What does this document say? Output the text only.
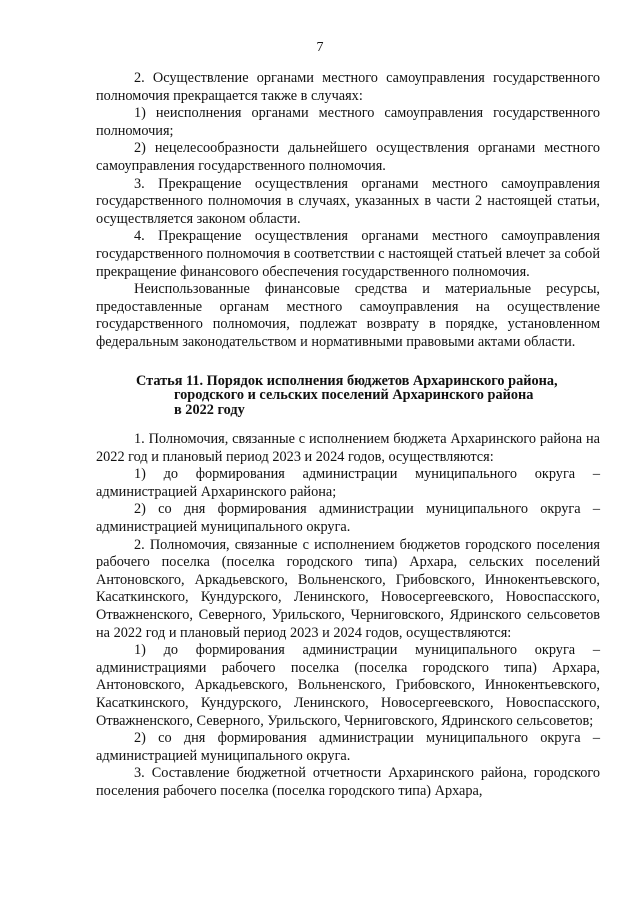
7

2. Осуществление органами местного самоуправления государственного полномочия прекращается также в случаях:

1) неисполнения органами местного самоуправления государственного полномочия;

2) нецелесообразности дальнейшего осуществления органами местного самоуправления государственного полномочия.

3. Прекращение осуществления органами местного самоуправления государственного полномочия в случаях, указанных в части 2 настоящей статьи, осуществляется законом области.

4. Прекращение осуществления органами местного самоуправления государственного полномочия в соответствии с настоящей статьей влечет за собой прекращение финансового обеспечения государственного полномочия.

Неиспользованные финансовые средства и материальные ресурсы, предоставленные органам местного самоуправления на осуществление государственного полномочия, подлежат возврату в порядке, установленном федеральным законодательством и нормативными правовыми актами области.

Статья 11. Порядок исполнения бюджетов Архаринского района,
городского и сельских поселений Архаринского района
в 2022 году

1. Полномочия, связанные с исполнением бюджета Архаринского района на 2022 год и плановый период 2023 и 2024 годов, осуществляются:

1) до формирования администрации муниципального округа – администрацией Архаринского района;

2) со дня формирования администрации муниципального округа – администрацией муниципального округа.

2. Полномочия, связанные с исполнением бюджетов городского поселения рабочего поселка (поселка городского типа) Архара, сельских поселений Антоновского, Аркадьевского, Вольненского, Грибовского, Иннокентьевского, Касаткинского, Кундурского, Ленинского, Новосергеевского, Новоспасского, Отважненского, Северного, Урильского, Черниговского, Ядринского сельсоветов на 2022 год и плановый период 2023 и 2024 годов, осуществляются:

1) до формирования администрации муниципального округа – администрациями рабочего поселка (поселка городского типа) Архара, Антоновского, Аркадьевского, Вольненского, Грибовского, Иннокентьевского, Касаткинского, Кундурского, Ленинского, Новосергеевского, Новоспасского, Отважненского, Северного, Урильского, Черниговского, Ядринского сельсоветов;

2) со дня формирования администрации муниципального округа – администрацией муниципального округа.

3. Составление бюджетной отчетности Архаринского района, городского поселения рабочего поселка (поселка городского типа) Архара,
